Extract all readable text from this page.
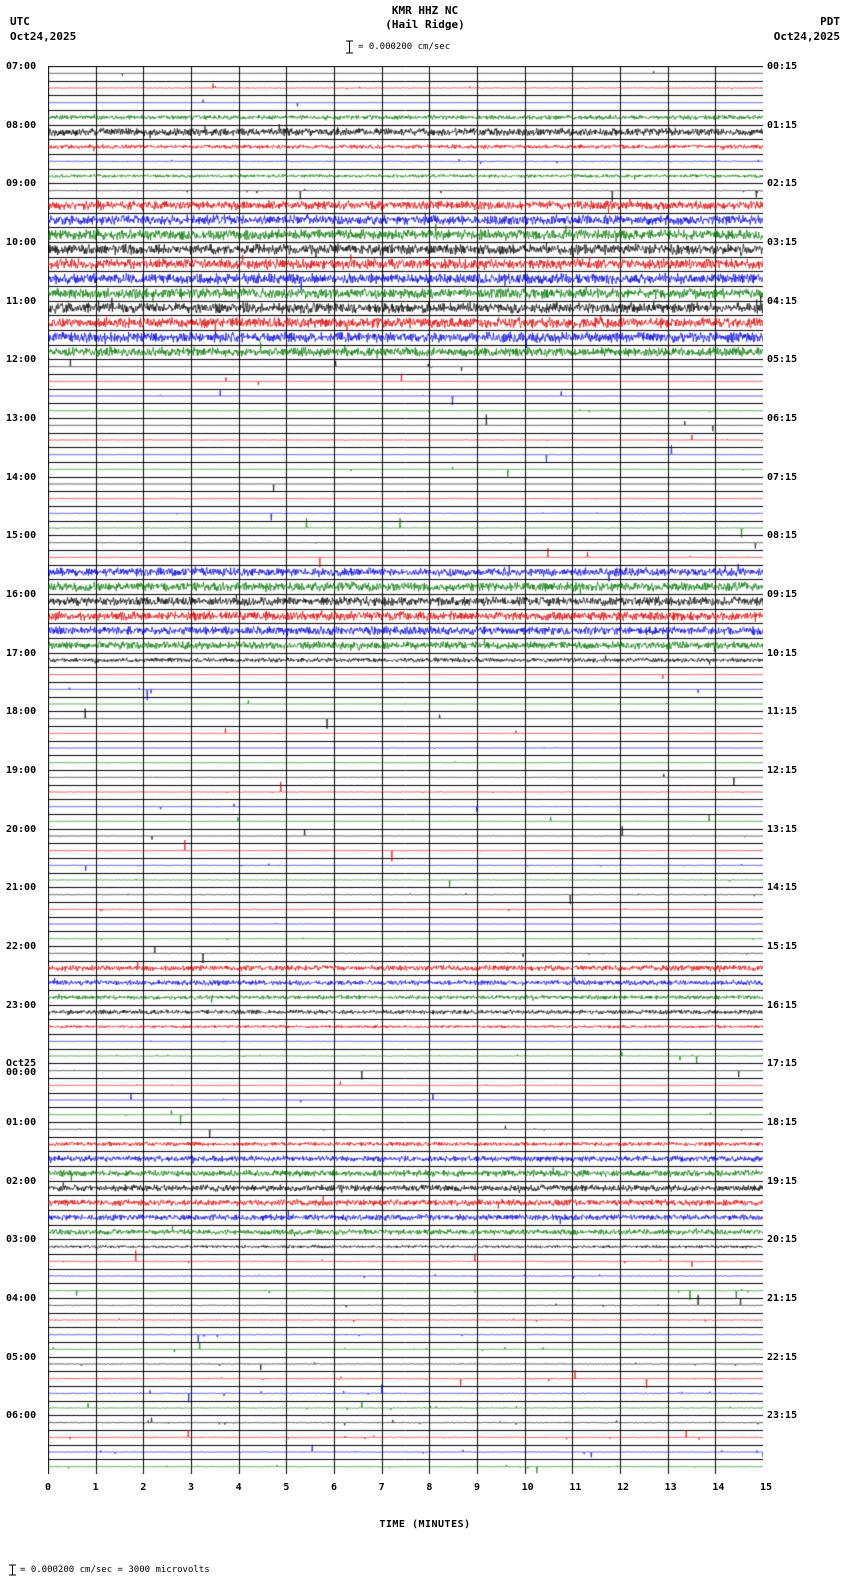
KMR HHZ NC
(Hail Ridge)
UTC
Oct24,2025
PDT
Oct24,2025
= 0.000200 cm/sec
TIME (MINUTES)
= 0.000200 cm/sec = 3000 microvolts
07:00
08:00
09:00
10:00
11:00
12:00
13:00
14:00
15:00
16:00
17:00
18:00
19:00
20:00
21:00
22:00
23:00
Oct25
00:00
01:00
02:00
03:00
04:00
05:00
06:00
00:15
01:15
02:15
03:15
04:15
05:15
06:15
07:15
08:15
09:15
10:15
11:15
12:15
13:15
14:15
15:15
16:15
17:15
18:15
19:15
20:15
21:15
22:15
23:15
0	1	2	3	4	5	6	7	8	9	10	11	12	13	14	15
